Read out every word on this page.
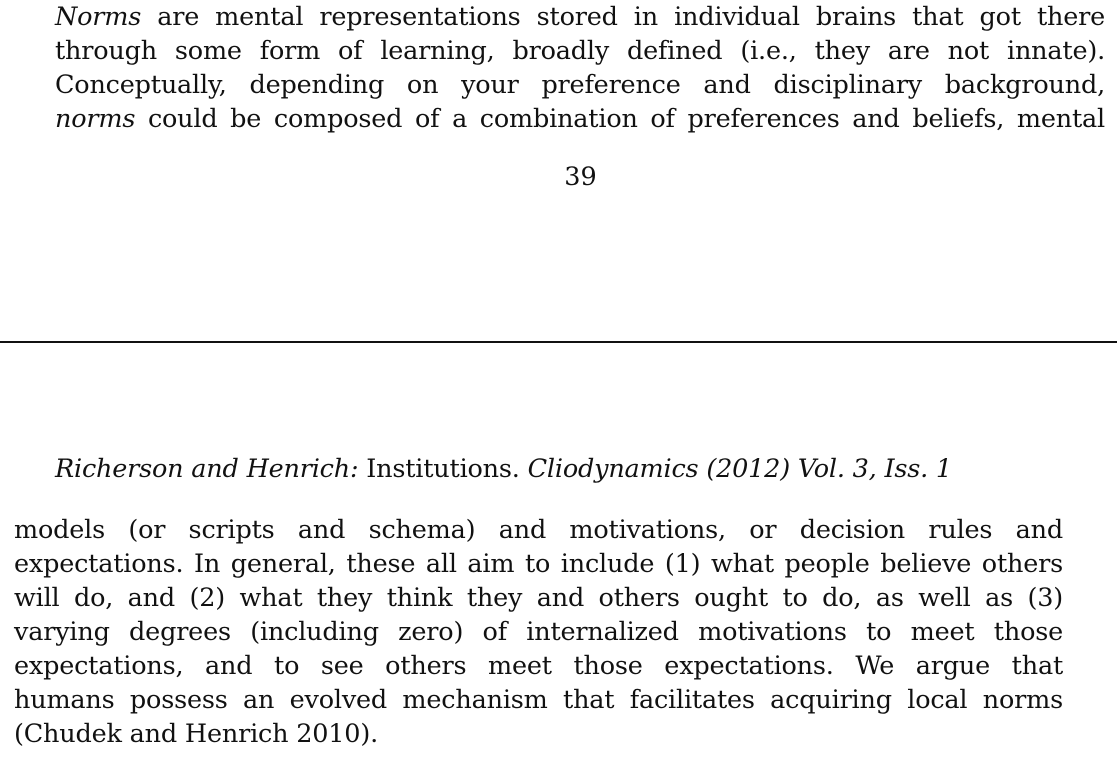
Norms are mental representations stored in individual brains that got there
through some form of learning, broadly defined (i.e., they are not innate).
Conceptually, depending on your preference and disciplinary background,
norms could be composed of a combination of preferences and beliefs, mental
39
Richerson and Henrich: Institutions. Cliodynamics (2012) Vol. 3, Iss. 1
models (or scripts and schema) and motivations, or decision rules and
expectations. In general, these all aim to include (1) what people believe others
will do, and (2) what they think they and others ought to do, as well as (3)
varying degrees (including zero) of internalized motivations to meet those
expectations, and to see others meet those expectations. We argue that
humans possess an evolved mechanism that facilitates acquiring local norms
(Chudek and Henrich 2010).
